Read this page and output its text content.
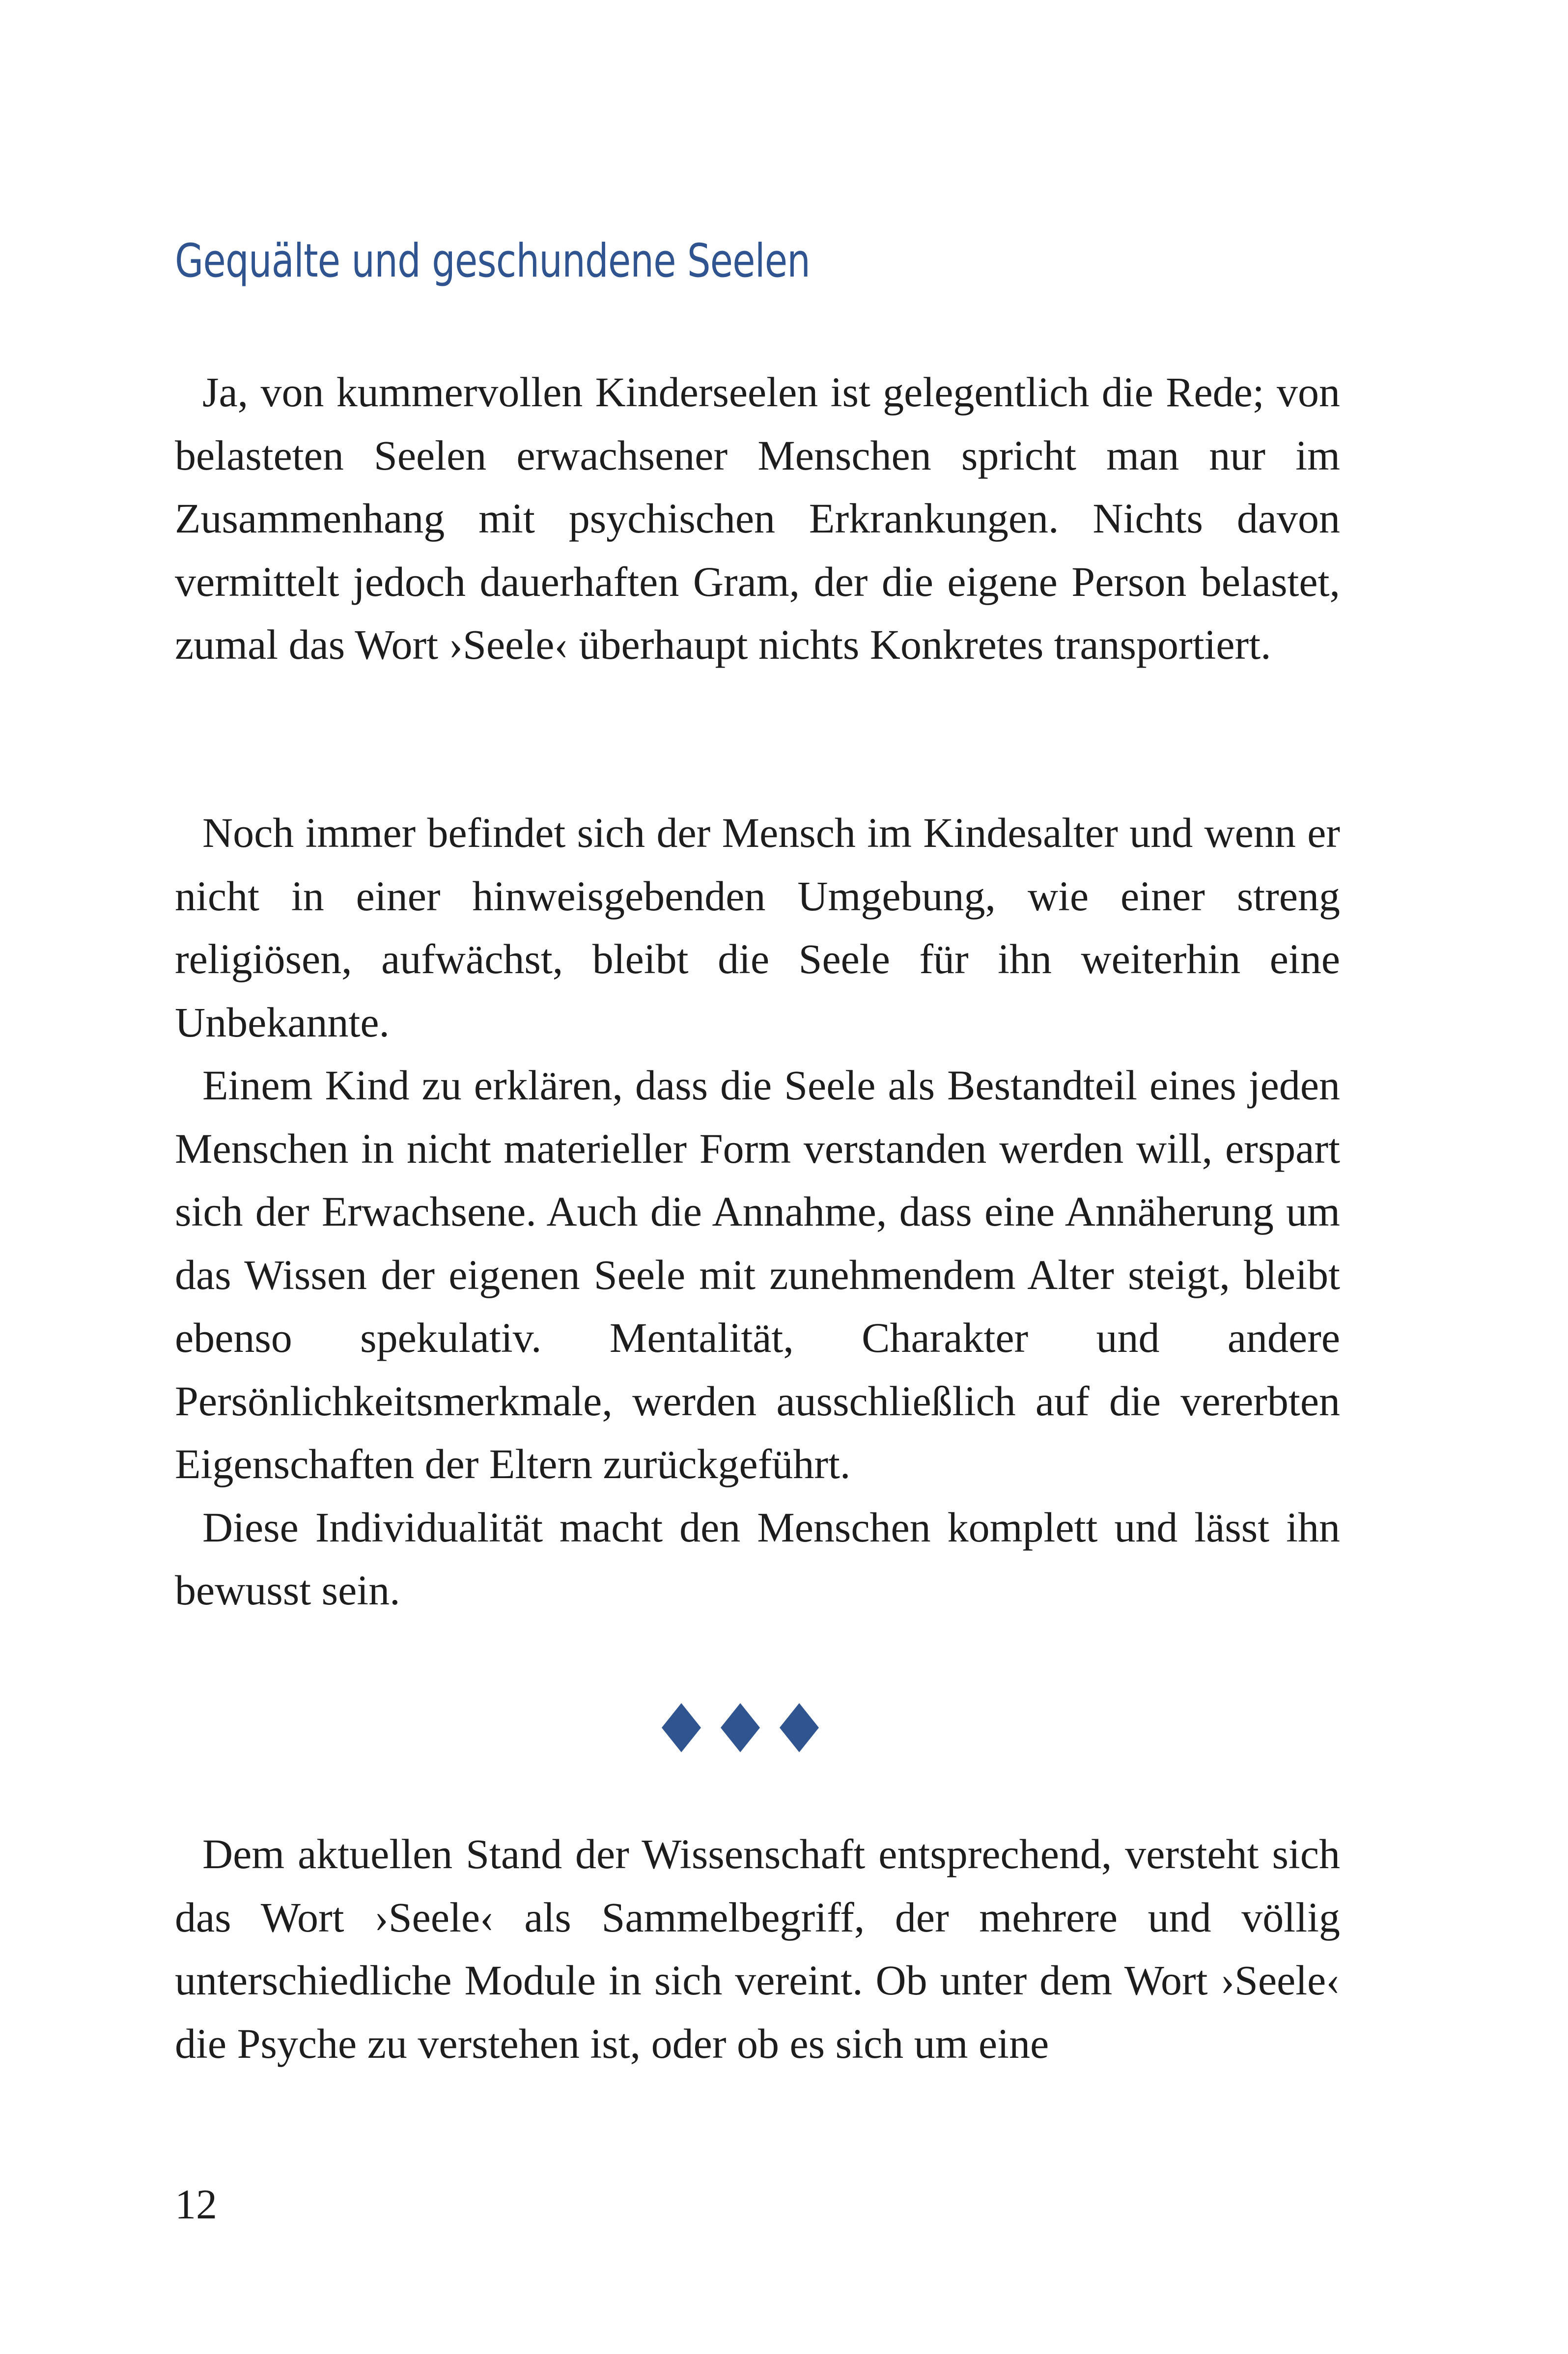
Gequälte und geschundene Seelen

Ja, von kummervollen Kinderseelen ist gelegentlich die Rede; von belasteten Seelen erwachsener Menschen spricht man nur im Zusammenhang mit psychischen Erkrankungen. Nichts davon vermittelt jedoch dauerhaften Gram, der die eigene Person belastet, zumal das Wort ›Seele‹ überhaupt nichts Konkretes transportiert.

Noch immer befindet sich der Mensch im Kindesalter und wenn er nicht in einer hinweisgebenden Umgebung, wie einer streng religiösen, aufwächst, bleibt die Seele für ihn weiterhin eine Unbekannte.

Einem Kind zu erklären, dass die Seele als Bestandteil eines jeden Menschen in nicht materieller Form verstanden werden will, erspart sich der Erwachsene. Auch die Annahme, dass eine Annäherung um das Wissen der eigenen Seele mit zunehmendem Alter steigt, bleibt ebenso spekulativ. Mentalität, Charakter und andere Persönlichkeitsmerkmale, werden ausschließlich auf die vererbten Eigenschaften der Eltern zurückgeführt.

Diese Individualität macht den Menschen komplett und lässt ihn bewusst sein.

Dem aktuellen Stand der Wissenschaft entsprechend, versteht sich das Wort ›Seele‹ als Sammelbegriff, der mehrere und völlig unterschiedliche Module in sich vereint. Ob unter dem Wort ›Seele‹ die Psyche zu verstehen ist, oder ob es sich um eine

12
